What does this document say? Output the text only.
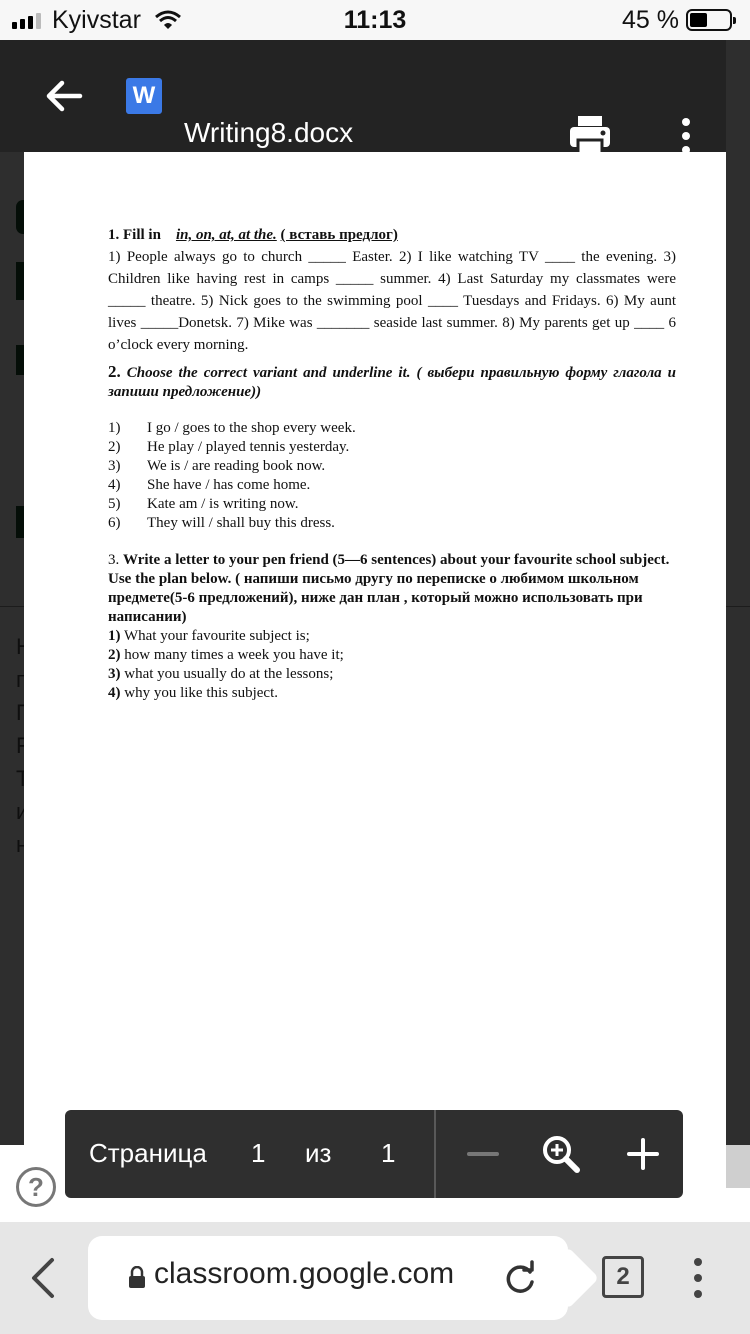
Kyivstar	11:13	45 %
?
Writing8.docx
W
1. Fill in in, on, at, at the. ( вставь предлог)
1) People always go to church _____ Easter. 2) I like watching TV ____ the evening. 3) Children like having rest in camps _____ summer. 4) Last Saturday my classmates were _____ theatre. 5) Nick goes to the swimming pool ____ Tuesdays and Fridays. 6) My aunt lives _____Donetsk. 7) Mike was _______ seaside last summer. 8) My parents get up ____ 6 o’clock every morning.
2. Choose the correct variant and underline it. ( выбери правильную форму глагола и запиши предложение))
1)	I go / goes to the shop every week.
2)	He play / played tennis yesterday.
3)	We is / are reading book now.
4)	She have / has come home.
5)	Kate am / is writing now.
6)	They will / shall buy this dress.
3. Write a letter to your pen friend (5—6 sentences) about your favourite school subject. Use the plan below. ( напиши письмо другу по переписке о любимом школьном предмете(5-6 предложений), ниже дан план , который можно использовать при написании)
1) What your favourite subject is;
2) how many times a week you have it;
3) what you usually do at the lessons;
4) why you like this subject.
Страница 1 из 1
classroom.google.com	2
